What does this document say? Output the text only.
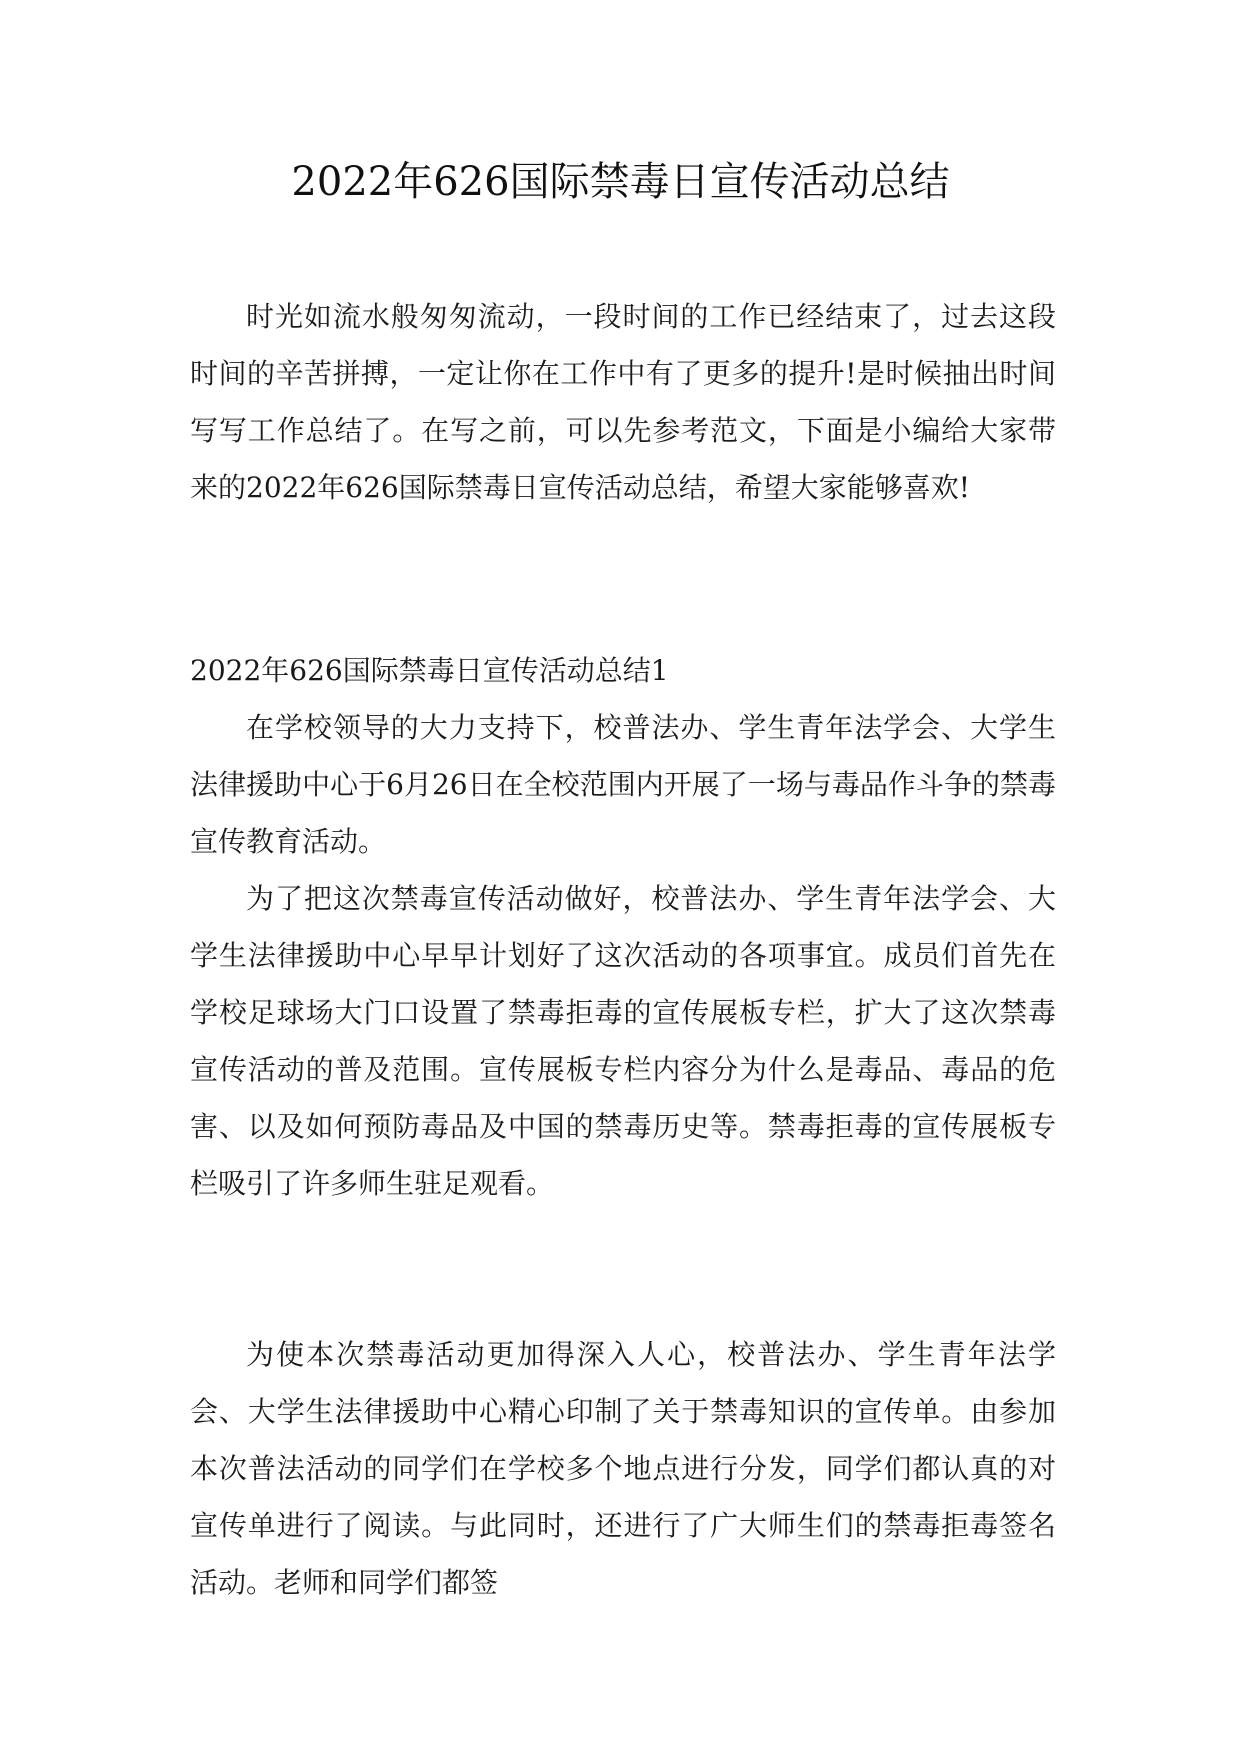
2022年626国际禁毒日宣传活动总结

时光如流水般匆匆流动，一段时间的工作已经结束了，过去这段时间的辛苦拼搏，一定让你在工作中有了更多的提升!是时候抽出时间写写工作总结了。在写之前，可以先参考范文，下面是小编给大家带来的2022年626国际禁毒日宣传活动总结，希望大家能够喜欢!

2022年626国际禁毒日宣传活动总结1

在学校领导的大力支持下，校普法办、学生青年法学会、大学生法律援助中心于6月26日在全校范围内开展了一场与毒品作斗争的禁毒宣传教育活动。

为了把这次禁毒宣传活动做好，校普法办、学生青年法学会、大学生法律援助中心早早计划好了这次活动的各项事宜。成员们首先在学校足球场大门口设置了禁毒拒毒的宣传展板专栏，扩大了这次禁毒宣传活动的普及范围。宣传展板专栏内容分为什么是毒品、毒品的危害、以及如何预防毒品及中国的禁毒历史等。禁毒拒毒的宣传展板专栏吸引了许多师生驻足观看。

为使本次禁毒活动更加得深入人心，校普法办、学生青年法学会、大学生法律援助中心精心印制了关于禁毒知识的宣传单。由参加本次普法活动的同学们在学校多个地点进行分发，同学们都认真的对宣传单进行了阅读。与此同时，还进行了广大师生们的禁毒拒毒签名活动。老师和同学们都签
